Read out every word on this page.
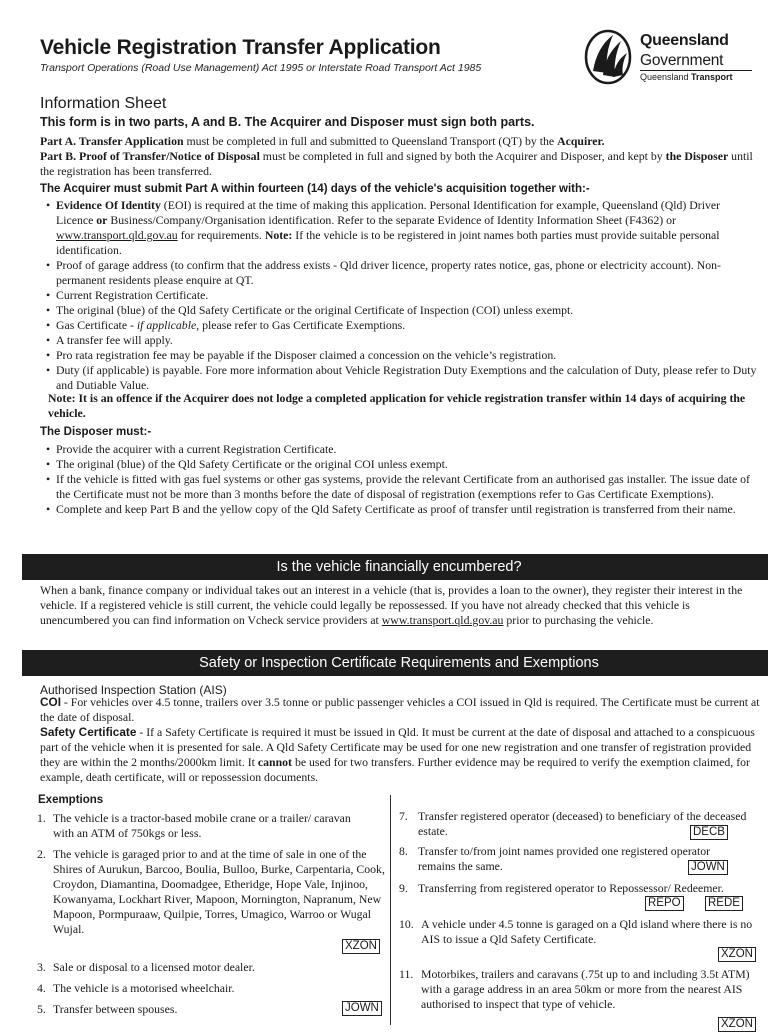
Vehicle Registration Transfer Application
Transport Operations (Road Use Management) Act 1995 or Interstate Road Transport Act 1985
Queensland
Government
Queensland Transport
Information Sheet
This form is in two parts, A and B. The Acquirer and Disposer must sign both parts.
Part A. Transfer Application must be completed in full and submitted to Queensland Transport (QT) by the Acquirer.
Part B. Proof of Transfer/Notice of Disposal must be completed in full and signed by both the Acquirer and Disposer, and kept by the Disposer until the registration has been transferred.
The Acquirer must submit Part A within fourteen (14) days of the vehicle's acquisition together with:-
• Evidence Of Identity (EOI) is required at the time of making this application. Personal Identification for example, Queensland (Qld) Driver Licence or Business/Company/Organisation identification. Refer to the separate Evidence of Identity Information Sheet (F4362) or www.transport.qld.gov.au for requirements. Note: If the vehicle is to be registered in joint names both parties must provide suitable personal identification.
• Proof of garage address (to confirm that the address exists - Qld driver licence, property rates notice, gas, phone or electricity account). Non-permanent residents please enquire at QT.
• Current Registration Certificate.
• The original (blue) of the Qld Safety Certificate or the original Certificate of Inspection (COI) unless exempt.
• Gas Certificate - if applicable, please refer to Gas Certificate Exemptions.
• A transfer fee will apply.
• Pro rata registration fee may be payable if the Disposer claimed a concession on the vehicle’s registration.
• Duty (if applicable) is payable. Fore more information about Vehicle Registration Duty Exemptions and the calculation of Duty, please refer to Duty and Dutiable Value.
Note: It is an offence if the Acquirer does not lodge a completed application for vehicle registration transfer within 14 days of acquiring the vehicle.
The Disposer must:-
• Provide the acquirer with a current Registration Certificate.
• The original (blue) of the Qld Safety Certificate or the original COI unless exempt.
• If the vehicle is fitted with gas fuel systems or other gas systems, provide the relevant Certificate from an authorised gas installer. The issue date of the Certificate must not be more than 3 months before the date of disposal of registration (exemptions refer to Gas Certificate Exemptions).
• Complete and keep Part B and the yellow copy of the Qld Safety Certificate as proof of transfer until registration is transferred from their name.
Is the vehicle financially encumbered?
When a bank, finance company or individual takes out an interest in a vehicle (that is, provides a loan to the owner), they register their interest in the vehicle. If a registered vehicle is still current, the vehicle could legally be repossessed. If you have not already checked that this vehicle is unencumbered you can find information on Vcheck service providers at www.transport.qld.gov.au prior to purchasing the vehicle.
Safety or Inspection Certificate Requirements and Exemptions
Authorised Inspection Station (AIS)
COI - For vehicles over 4.5 tonne, trailers over 3.5 tonne or public passenger vehicles a COI issued in Qld is required. The Certificate must be current at the date of disposal.
Safety Certificate - If a Safety Certificate is required it must be issued in Qld. It must be current at the date of disposal and attached to a conspicuous part of the vehicle when it is presented for sale. A Qld Safety Certificate may be used for one new registration and one transfer of registration provided they are within the 2 months/2000km limit. It cannot be used for two transfers. Further evidence may be required to verify the exemption claimed, for example, death certificate, will or repossession documents.
Exemptions
1. The vehicle is a tractor-based mobile crane or a trailer/ caravan with an ATM of 750kgs or less.
2. The vehicle is garaged prior to and at the time of sale in one of the Shires of Aurukun, Barcoo, Boulia, Bulloo, Burke, Carpentaria, Cook, Croydon, Diamantina, Doomadgee, Etheridge, Hope Vale, Injinoo, Kowanyama, Lockhart River, Mapoon, Mornington, Napranum, New Mapoon, Pormpuraaw, Quilpie, Torres, Umagico, Warroo or Wugal Wujal.
XZON
3. Sale or disposal to a licensed motor dealer.
4. The vehicle is a motorised wheelchair.
5. Transfer between spouses.	JOWN
7. Transfer registered operator (deceased) to beneficiary of the deceased estate.	DECB
8. Transfer to/from joint names provided one registered operator remains the same.	JOWN
9. Transferring from registered operator to Repossessor/ Redeemer.
REPO REDE
10. A vehicle under 4.5 tonne is garaged on a Qld island where there is no AIS to issue a Qld Safety Certificate.
XZON
11. Motorbikes, trailers and caravans (.75t up to and including 3.5t ATM) with a garage address in an area 50km or more from the nearest AIS authorised to inspect that type of vehicle.
XZON
